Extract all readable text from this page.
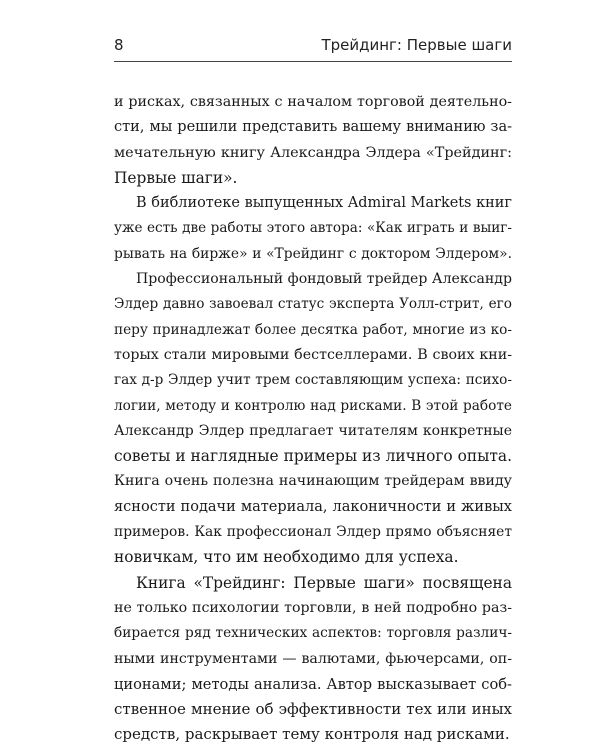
8	Трейдинг: Первые шаги

и рисках, связанных с началом торговой деятельно-
сти, мы решили представить вашему вниманию за-
мечательную книгу Александра Элдера «Трейдинг:
Первые шаги».

В библиотеке выпущенных Admiral Markets книг
уже есть две работы этого автора: «Как играть и выиг-
рывать на бирже» и «Трейдинг с доктором Элдером».

Профессиональный фондовый трейдер Александр
Элдер давно завоевал статус эксперта Уолл-стрит, его
перу принадлежат более десятка работ, многие из ко-
торых стали мировыми бестселлерами. В своих кни-
гах д-р Элдер учит трем составляющим успеха: психо-
логии, методу и контролю над рисками. В этой работе
Александр Элдер предлагает читателям конкретные
советы и наглядные примеры из личного опыта.
Книга очень полезна начинающим трейдерам ввиду
ясности подачи материала, лаконичности и живых
примеров. Как профессионал Элдер прямо объясняет
новичкам, что им необходимо для успеха.

Книга «Трейдинг: Первые шаги» посвящена
не только психологии торговли, в ней подробно раз-
бирается ряд технических аспектов: торговля различ-
ными инструментами — валютами, фьючерсами, оп-
ционами; методы анализа. Автор высказывает соб-
ственное мнение об эффективности тех или иных
средств, раскрывает тему контроля над рисками.
